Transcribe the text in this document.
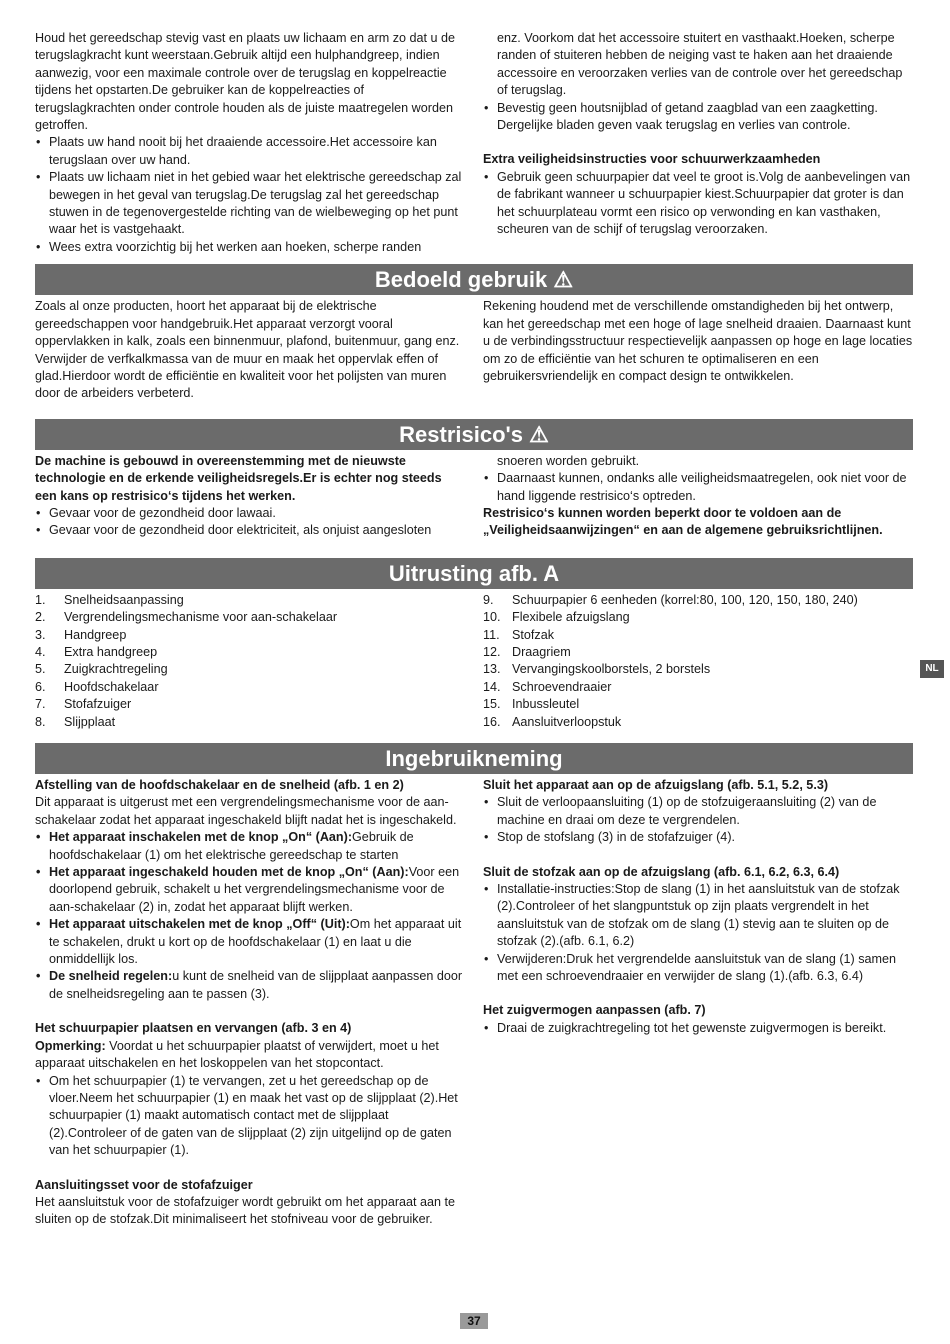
Houd het gereedschap stevig vast en plaats uw lichaam en arm zo dat u de terugslagkracht kunt weerstaan.Gebruik altijd een hulphandgreep, indien aanwezig, voor een maximale controle over de terugslag en koppelreactie tijdens het opstarten.De gebruiker kan de koppelreacties of terugslagkrachten onder controle houden als de juiste maatregelen worden getroffen.

• Plaats uw hand nooit bij het draaiende accessoire.Het accessoire kan terugslaan over uw hand.
• Plaats uw lichaam niet in het gebied waar het elektrische gereedschap zal bewegen in het geval van terugslag.De terugslag zal het gereedschap stuwen in de tegenovergestelde richting van de wielbeweging op het punt waar het is vastgehaakt.
• Wees extra voorzichtig bij het werken aan hoeken, scherpe randen

enz. Voorkom dat het accessoire stuitert en vasthaakt.Hoeken, scherpe randen of stuiteren hebben de neiging vast te haken aan het draaiende accessoire en veroorzaken verlies van de controle over het gereedschap of terugslag.

• Bevestig geen houtsnijblad of getand zaagblad van een zaagketting. Dergelijke bladen geven vaak terugslag en verlies van controle.

Extra veiligheidsinstructies voor schuurwerkzaamheden

• Gebruik geen schuurpapier dat veel te groot is.Volg de aanbevelingen van de fabrikant wanneer u schuurpapier kiest.Schuurpapier dat groter is dan het schuurplateau vormt een risico op verwonding en kan vasthaken, scheuren van de schijf of terugslag veroorzaken.
Bedoeld gebruik ⚠

Zoals al onze producten, hoort het apparaat bij de elektrische gereedschappen voor handgebruik.Het apparaat verzorgt vooral oppervlakken in kalk, zoals een binnenmuur, plafond, buitenmuur, gang enz. Verwijder de verfkalkmassa van de muur en maak het oppervlak effen of glad.Hierdoor wordt de efficiëntie en kwaliteit voor het polijsten van muren door de arbeiders verbeterd.

Rekening houdend met de verschillende omstandigheden bij het ontwerp, kan het gereedschap met een hoge of lage snelheid draaien. Daarnaast kunt u de verbindingsstructuur respectievelijk aanpassen op hoge en lage locaties om zo de efficiëntie van het schuren te optimaliseren en een gebruikersvriendelijk en compact design te ontwikkelen.

Restrisico's ⚠

De machine is gebouwd in overeenstemming met de nieuwste technologie en de erkende veiligheidsregels.Er is echter nog steeds een kans op restrisico‘s tijdens het werken.

• Gevaar voor de gezondheid door lawaai.
• Gevaar voor de gezondheid door elektriciteit, als onjuist aangesloten

snoeren worden gebruikt.

• Daarnaast kunnen, ondanks alle veiligheidsmaatregelen, ook niet voor de hand liggende restrisico‘s optreden.

Restrisico‘s kunnen worden beperkt door te voldoen aan de „Veiligheidsaanwijzingen“ en aan de algemene gebruiksrichtlijnen.

Uitrusting afb. A
1.	Snelheidsaanpassing
2.	Vergrendelingsmechanisme voor aan-schakelaar
3.	Handgreep
4.	Extra handgreep
5.	Zuigkrachtregeling
6.	Hoofdschakelaar
7.	Stofafzuiger
8.	Slijpplaat
9.	Schuurpapier 6 eenheden (korrel:80, 100, 120, 150, 180, 240)
10. Flexibele afzuigslang
11. Stofzak
12. Draagriem
13. Vervangingskoolborstels, 2 borstels
14. Schroevendraaier
15. Inbussleutel
16. Aansluitverloopstuk
Ingebruikneming

Afstelling van de hoofdschakelaar en de snelheid (afb. 1 en 2)

Dit apparaat is uitgerust met een vergrendelingsmechanisme voor de aan-schakelaar zodat het apparaat ingeschakeld blijft nadat het is ingeschakeld.

• Het apparaat inschakelen met de knop „On“ (Aan):Gebruik de hoofdschakelaar (1) om het elektrische gereedschap te starten
• Het apparaat ingeschakeld houden met de knop „On“ (Aan):Voor een doorlopend gebruik, schakelt u het vergrendelingsmechanisme voor de aan-schakelaar (2) in, zodat het apparaat blijft werken.
• Het apparaat uitschakelen met de knop „Off“ (Uit):Om het apparaat uit te schakelen, drukt u kort op de hoofdschakelaar (1) en laat u die onmiddellijk los.
• De snelheid regelen:u kunt de snelheid van de slijpplaat aanpassen door de snelheidsregeling aan te passen (3).

Het schuurpapier plaatsen en vervangen (afb. 3 en 4)

Opmerking: Voordat u het schuurpapier plaatst of verwijdert, moet u het apparaat uitschakelen en het loskoppelen van het stopcontact.

• Om het schuurpapier (1) te vervangen, zet u het gereedschap op de vloer.Neem het schuurpapier (1) en maak het vast op de slijpplaat (2).Het schuurpapier (1) maakt automatisch contact met de slijpplaat (2).Controleer of de gaten van de slijpplaat (2) zijn uitgelijnd op de gaten van het schuurpapier (1).

Aansluitingsset voor de stofafzuiger

Het aansluitstuk voor de stofafzuiger wordt gebruikt om het apparaat aan te sluiten op de stofzak.Dit minimaliseert het stofniveau voor de gebruiker.

Sluit het apparaat aan op de afzuigslang (afb. 5.1, 5.2, 5.3)

• Sluit de verloopaansluiting (1) op de stofzuigeraansluiting (2) van de machine en draai om deze te vergrendelen.
• Stop de stofslang (3) in de stofafzuiger (4).

Sluit de stofzak aan op de afzuigslang (afb. 6.1, 6.2, 6.3, 6.4)

• Installatie-instructies:Stop de slang (1) in het aansluitstuk van de stofzak (2).Controleer of het slangpuntstuk op zijn plaats vergrendelt in het aansluitstuk van de stofzak om de slang (1) stevig aan te sluiten op de stofzak (2).(afb. 6.1, 6.2)
• Verwijderen:Druk het vergrendelde aansluitstuk van de slang (1) samen met een schroevendraaier en verwijder de slang (1).(afb. 6.3, 6.4)

Het zuigvermogen aanpassen (afb. 7)

• Draai de zuigkrachtregeling tot het gewenste zuigvermogen is bereikt.
NL
37
